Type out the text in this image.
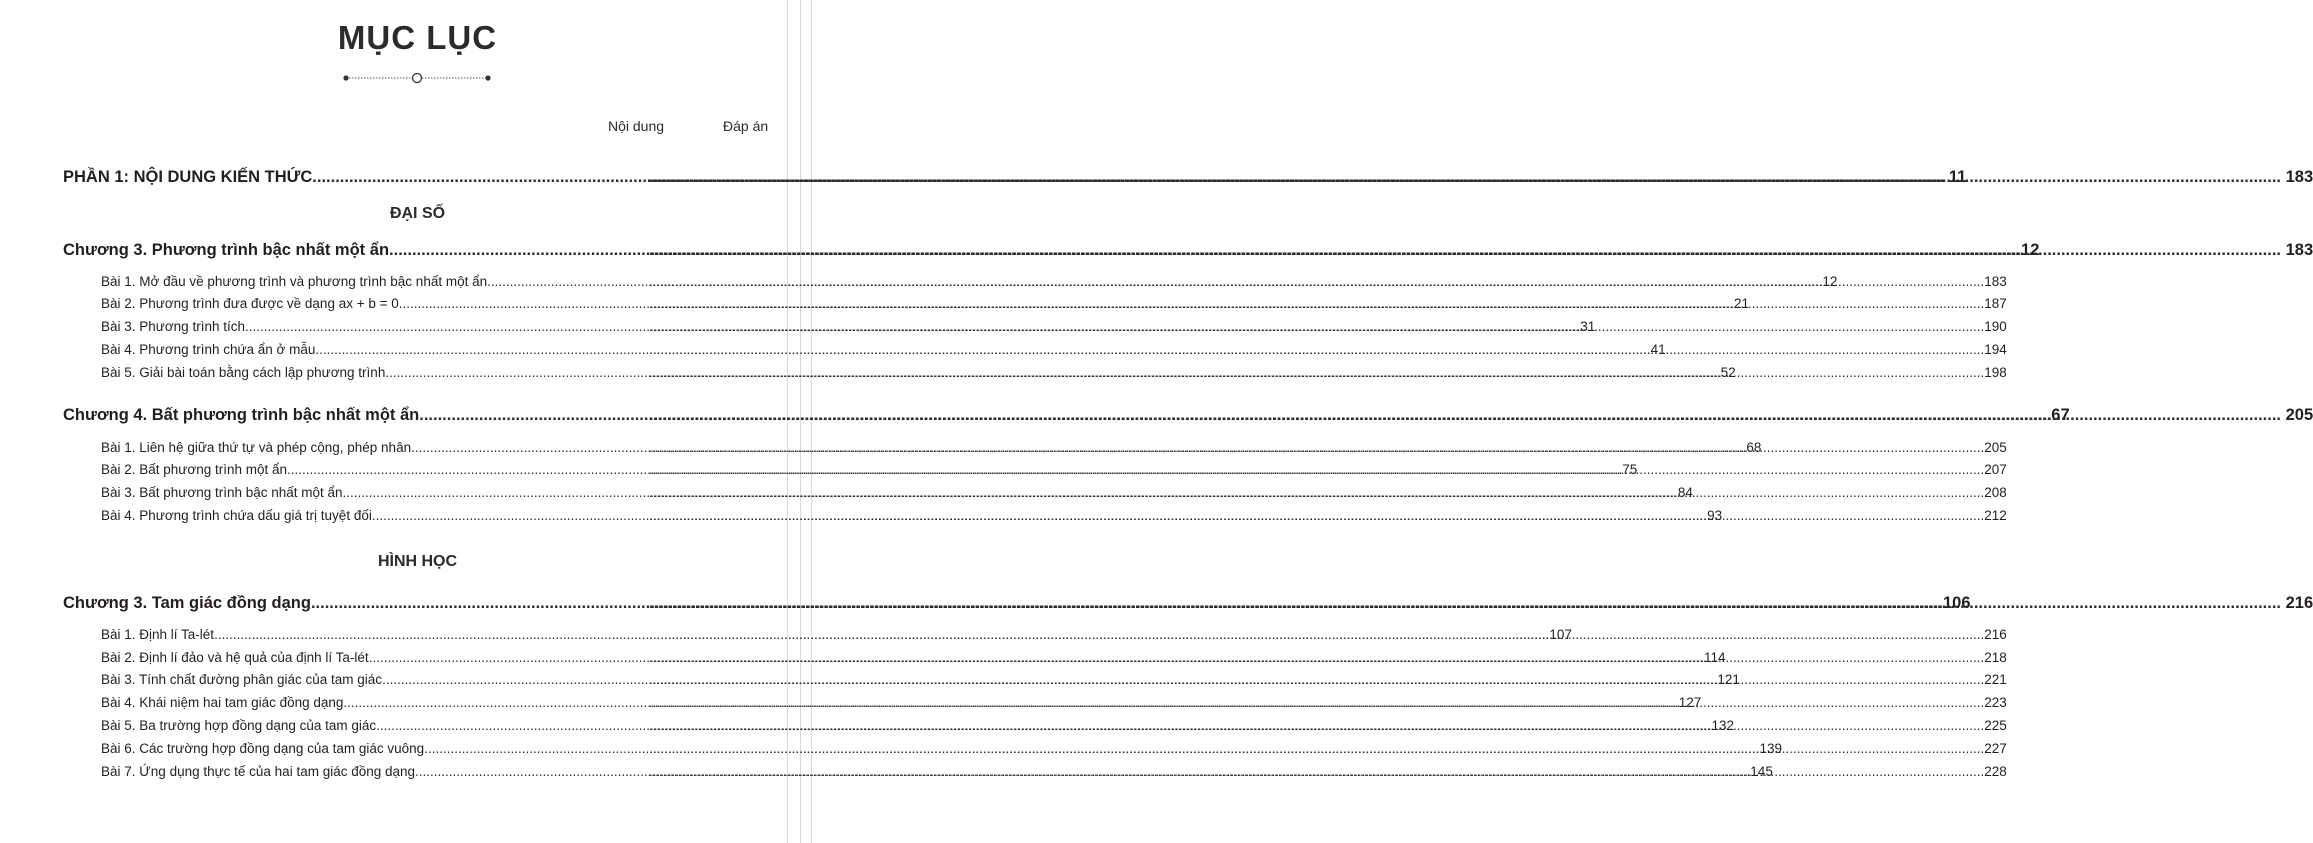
MỤC LỤC
Nội dung	Đáp án
PHẦN 1: NỘI DUNG KIẾN THỨC .....	11 .....	183
ĐẠI SỐ
Chương 3. Phương trình bậc nhất một ẩn .....	12 .....	183
Bài 1. Mở đầu về phương trình và phương trình bậc nhất một ẩn .....	12 .....	183
Bài 2. Phương trình đưa được về dạng ax + b = 0 .....	21 .....	187
Bài 3. Phương trình tích .....	31 .....	190
Bài 4. Phương trình chứa ẩn ở mẫu .....	41 .....	194
Bài 5. Giải bài toán bằng cách lập phương trình .....	52 .....	198
Chương 4. Bất phương trình bậc nhất một ẩn .....	67 .....	205
Bài 1. Liên hệ giữa thứ tự và phép cộng, phép nhân .....	68 .....	205
Bài 2. Bất phương trình một ẩn .....	75 .....	207
Bài 3. Bất phương trình bậc nhất một ẩn .....	84 .....	208
Bài 4. Phương trình chứa dấu giá trị tuyệt đối .....	93 .....	212
HÌNH HỌC
Chương 3. Tam giác đồng dạng .....	106 .....	216
Bài 1. Định lí Ta-lét .....	107 .....	216
Bài 2. Định lí đảo và hệ quả của định lí Ta-lét .....	114 .....	218
Bài 3. Tính chất đường phân giác của tam giác .....	121 .....	221
Bài 4. Khái niệm hai tam giác đồng dạng .....	127 .....	223
Bài 5. Ba trường hợp đồng dạng của tam giác .....	132 .....	225
Bài 6. Các trường hợp đồng dạng của tam giác vuông .....	139 .....	227
Bài 7. Ứng dụng thực tế của hai tam giác đồng dạng .....	145 .....	228
